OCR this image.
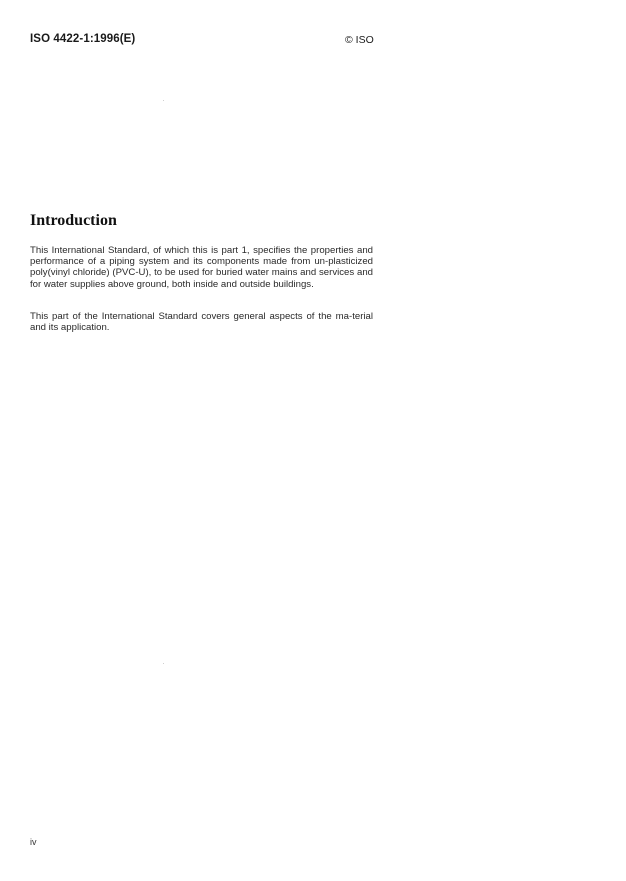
ISO 4422-1:1996(E)	© ISO
Introduction

This International Standard, of which this is part 1, specifies the properties and performance of a piping system and its components made from un-plasticized poly(vinyl chloride) (PVC-U), to be used for buried water mains and services and for water supplies above ground, both inside and outside buildings.

This part of the International Standard covers general aspects of the ma-terial and its application.

iv
